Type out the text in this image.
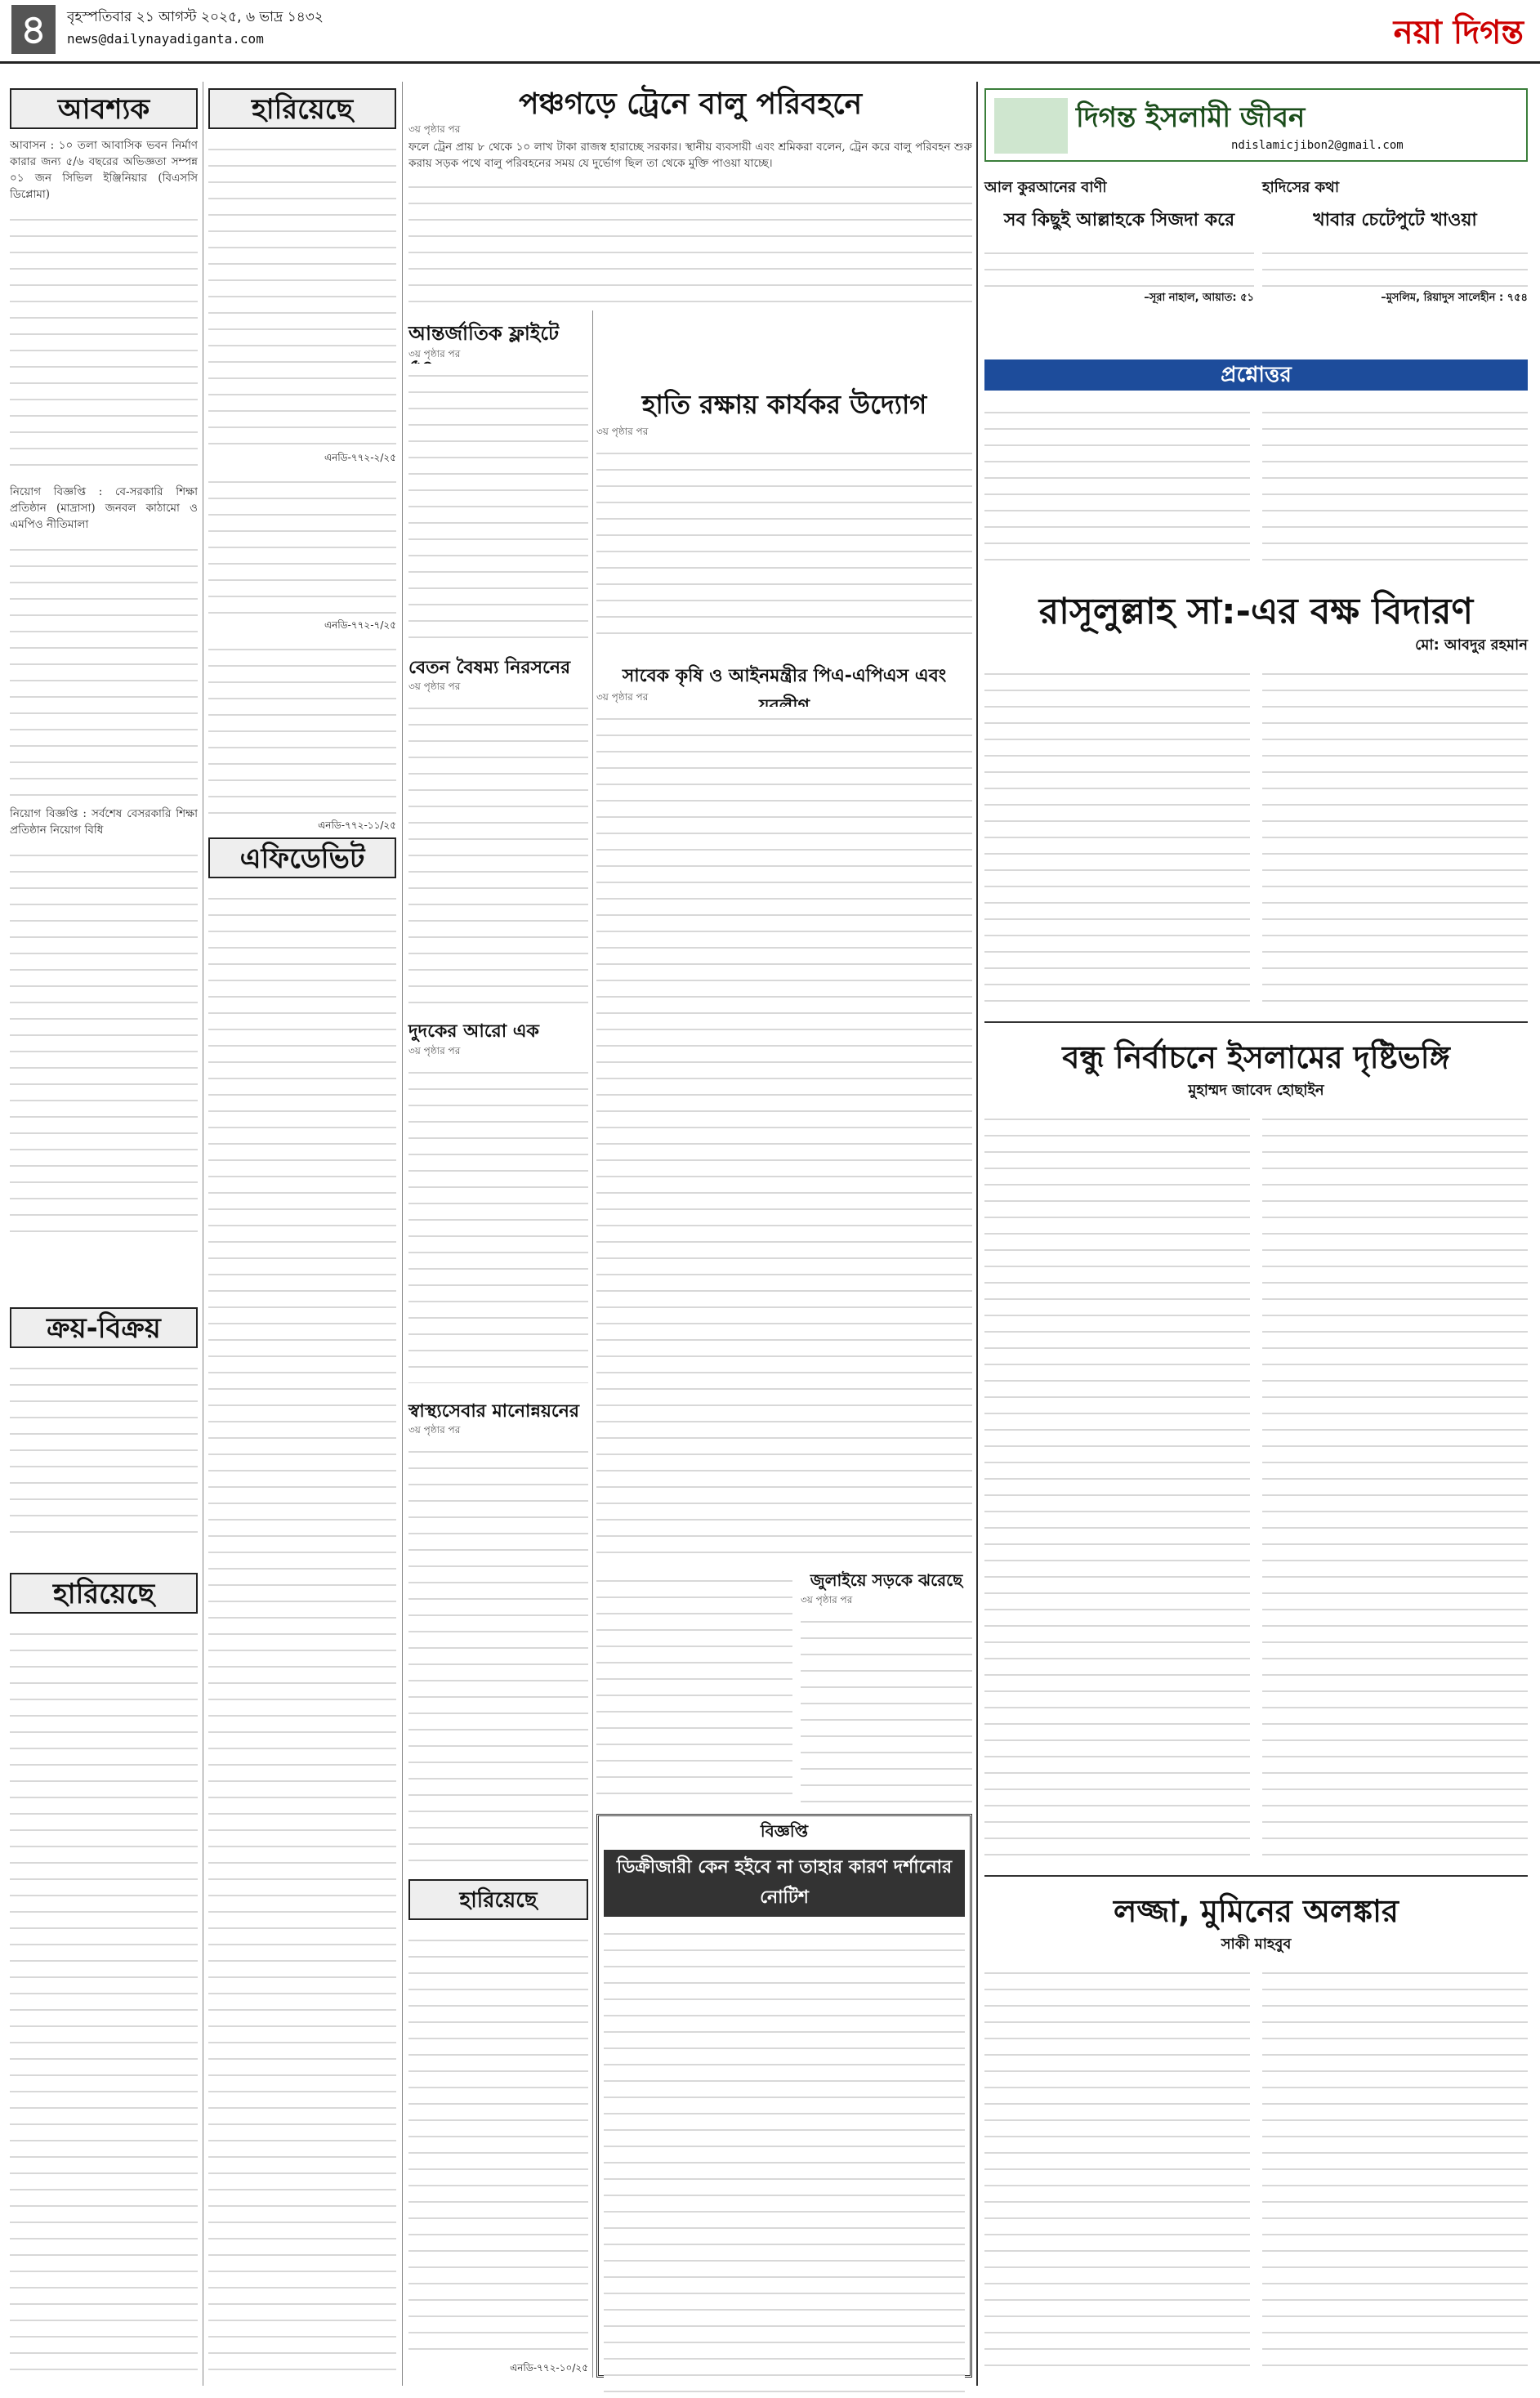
৪	বৃহস্পতিবার ২১ আগস্ট ২০২৫, ৬ ভাদ্র ১৪৩২
news@dailynayadiganta.com	নয়া দিগন্ত
আবশ্যক

আবাসন : ১০ তলা আবাসিক ভবন নির্মাণ কারার জন্য ৫/৬ বছরের অভিজ্ঞতা সম্পন্ন ০১ জন সিভিল ইঞ্জিনিয়ার (বিএসসি ডিপ্লোমা)

নিয়োগ বিজ্ঞপ্তি : বে-সরকারি শিক্ষা প্রতিষ্ঠান (মাদ্রাসা) জনবল কাঠামো ও এমপিও নীতিমালা

নিয়োগ বিজ্ঞপ্তি : সর্বশেষ বেসরকারি শিক্ষা প্রতিষ্ঠান নিয়োগ বিধি

ক্রয়-বিক্রয়
হারিয়েছে
হারিয়েছে
এনডি-৭৭২-২/২৫
এনডি-৭৭২-৭/২৫
এনডি-৭৭২-১১/২৫
এফিডেভিট
পঞ্চগড়ে ট্রেনে বালু পরিবহনে
৩য় পৃষ্ঠার পর
ফলে ট্রেন প্রায় ৮ থেকে ১০ লাখ টাকা রাজস্ব হারাচ্ছে সরকার। স্থানীয় ব্যবসায়ী এবং শ্রমিকরা বলেন, ট্রেন করে বালু পরিবহন শুরু করায় সড়ক পথে বালু পরিবহনের সময় যে দুর্ভোগ ছিল তা থেকে মুক্তি পাওয়া যাচ্ছে।
আন্তর্জাতিক ফ্লাইটে
৩য় পৃষ্ঠার পর
হাতি রক্ষায় কার্যকর উদ্যোগ
৩য় পৃষ্ঠার পর
বেতন বৈষম্য নিরসনের
৩য় পৃষ্ঠার পর	সাবেক কৃষি ও আইনমন্ত্রীর পিএ-এপিএস এবং
৩য় পৃষ্ঠার পর
দুদকের আরো এক
৩য় পৃষ্ঠার পর
স্বাস্থ্যসেবার মানোন্নয়নের
৩য় পৃষ্ঠার পর
জুলাইয়ে সড়কে ঝরেছে
৩য় পৃষ্ঠার পর
বিজ্ঞপ্তি
ডিক্রীজারী কেন হইবে না তাহার কারণ দর্শানোর নোটিশ
হারিয়েছে
এনডি-৭৭২-১০/২৫
দিগন্ত ইসলামী জীবন
ndislamicjibon2@gmail.com
আল কুরআনের বাণী
সব কিছুই আল্লাহকে সিজদা করে
–সূরা নাহাল, আয়াত: ৫১
হাদিসের কথা
খাবার চেটেপুটে খাওয়া
–মুসলিম, রিয়াদুস সালেহীন : ৭৫৪
প্রশ্নোত্তর
রাসূলুল্লাহ সা:-এর বক্ষ বিদারণ
মো: আবদুর রহমান
বন্ধু নির্বাচনে ইসলামের দৃষ্টিভঙ্গি
মুহাম্মদ জাবেদ হোছাইন
লজ্জা, মুমিনের অলঙ্কার
সাকী মাহবুব
